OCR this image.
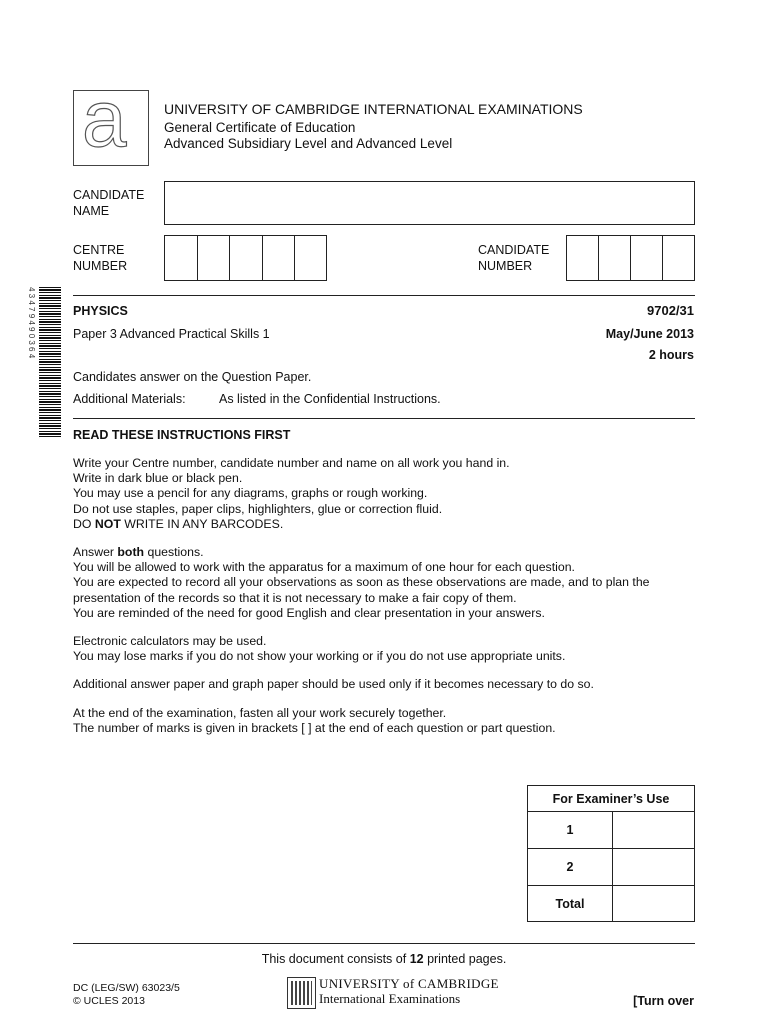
a	UNIVERSITY OF CAMBRIDGE INTERNATIONAL EXAMINATIONS
General Certificate of Education
Advanced Subsidiary Level and Advanced Level
CANDIDATE
NAME
CENTRE
NUMBER
CANDIDATE
NUMBER
4 3 4 7 9 4 9 0 3 6 4	PHYSICS	9702/31
Paper 3 Advanced Practical Skills 1	May/June 2013
2 hours
Candidates answer on the Question Paper.
Additional Materials:	As listed in the Confidential Instructions.
READ THESE INSTRUCTIONS FIRST

Write your Centre number, candidate number and name on all work you hand in.

Write in dark blue or black pen.

You may use a pencil for any diagrams, graphs or rough working.

Do not use staples, paper clips, highlighters, glue or correction fluid.

DO NOT WRITE IN ANY BARCODES.

Answer both questions.

You will be allowed to work with the apparatus for a maximum of one hour for each question.

You are expected to record all your observations as soon as these observations are made, and to plan the

presentation of the records so that it is not necessary to make a fair copy of them.

You are reminded of the need for good English and clear presentation in your answers.

Electronic calculators may be used.

You may lose marks if you do not show your working or if you do not use appropriate units.

Additional answer paper and graph paper should be used only if it becomes necessary to do so.

At the end of the examination, fasten all your work securely together.

The number of marks is given in brackets [ ] at the end of each question or part question.

For Examiner’s Use	
1	
2	
Total	
This document consists of 12 printed pages.
DC (LEG/SW) 63023/5
© UCLES 2013
UNIVERSITY of CAMBRIDGE
International Examinations	[Turn over
